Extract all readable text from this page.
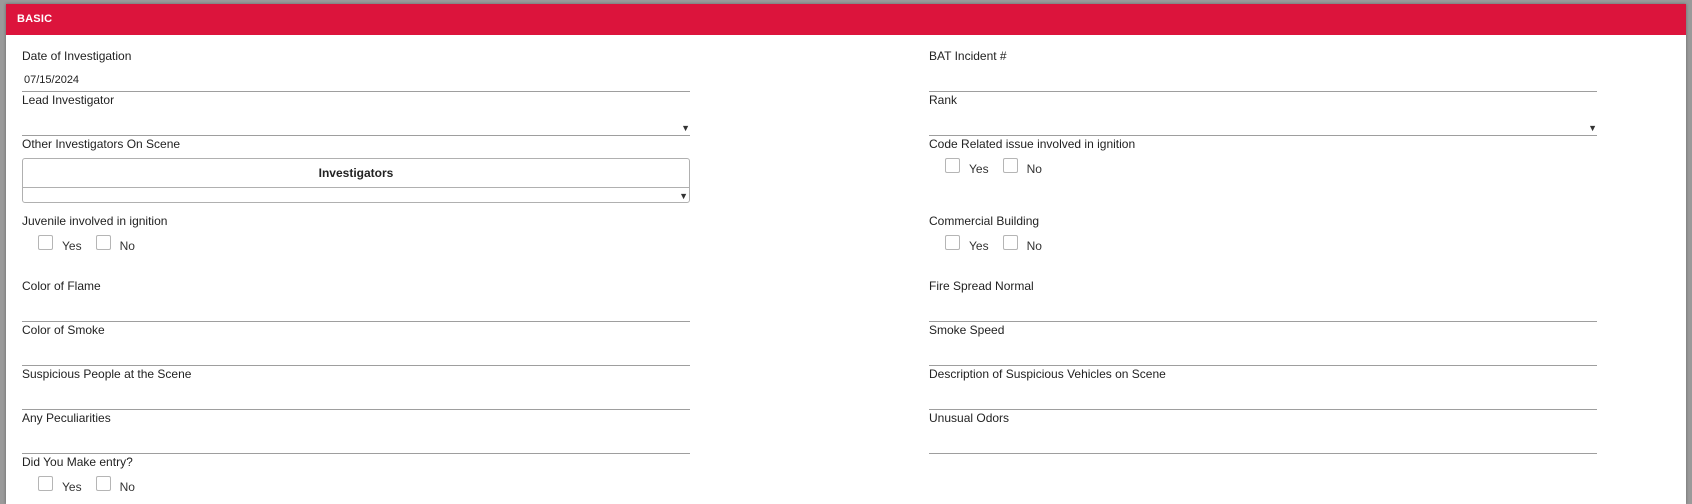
BASIC
Date of Investigation
07/15/2024
BAT Incident #
Lead Investigator
▼
Rank
▼
Other Investigators On Scene
Investigators
▼
Code Related issue involved in ignition
Yes	No
Juvenile involved in ignition
Yes	No
Commercial Building
Yes	No
Color of Flame	Fire Spread Normal
Color of Smoke	Smoke Speed
Suspicious People at the Scene	Description of Suspicious Vehicles on Scene
Any Peculiarities	Unusual Odors
Did You Make entry?
Yes	No
